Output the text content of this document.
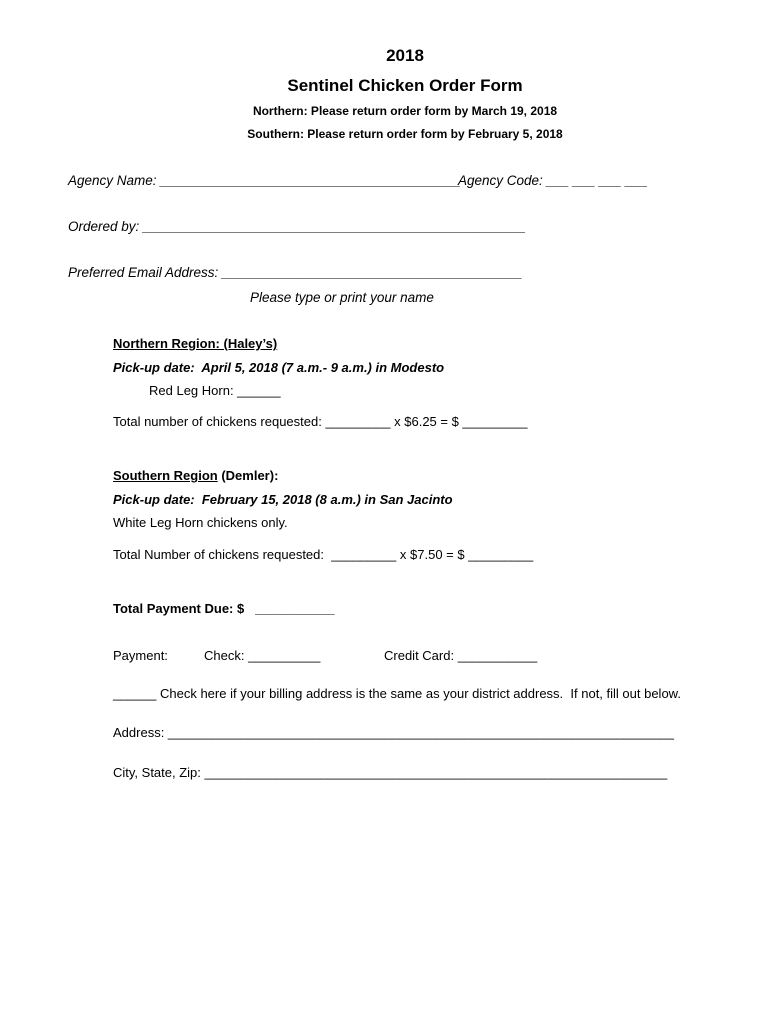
2018
Sentinel Chicken Order Form
Northern: Please return order form by March 19, 2018
Southern: Please return order form by February 5, 2018
Agency Name: ________________________________________
Agency Code: ___ ___ ___ ___
Ordered by: ___________________________________________________
Preferred Email Address: ________________________________________
Please type or print your name
Northern Region: (Haley’s)
Pick-up date:  April 5, 2018 (7 a.m.- 9 a.m.) in Modesto
Red Leg Horn: ______
Total number of chickens requested: _________ x $6.25 = $ _________
Southern Region (Demler):
Pick-up date:  February 15, 2018 (8 a.m.) in San Jacinto
White Leg Horn chickens only.
Total Number of chickens requested:  _________ x $7.50 = $ _________
Total Payment Due: $   ___________
Payment:	Check: __________	Credit Card: ___________
______ Check here if your billing address is the same as your district address.  If not, fill out below.
Address: ______________________________________________________________________
City, State, Zip: ________________________________________________________________
